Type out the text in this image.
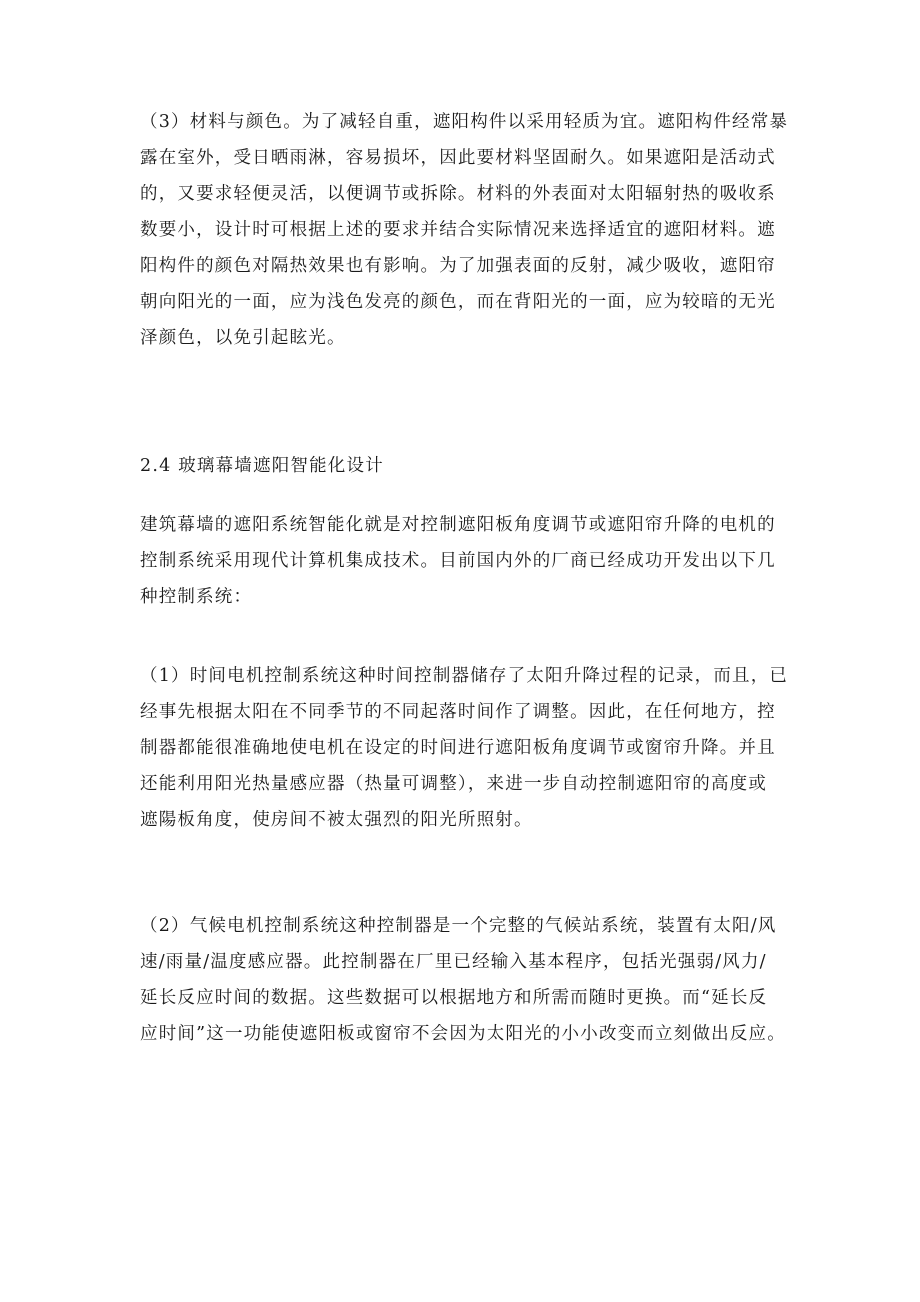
（3）材料与颜色。为了减轻自重，遮阳构件以采用轻质为宜。遮阳构件经常暴
露在室外，受日晒雨淋，容易损坏，因此要材料坚固耐久。如果遮阳是活动式
的，又要求轻便灵活，以便调节或拆除。材料的外表面对太阳辐射热的吸收系
数要小，设计时可根据上述的要求并结合实际情况来选择适宜的遮阳材料。遮
阳构件的颜色对隔热效果也有影响。为了加强表面的反射，减少吸收，遮阳帘
朝向阳光的一面，应为浅色发亮的颜色，而在背阳光的一面，应为较暗的无光
泽颜色，以免引起眩光。

2.4 玻璃幕墙遮阳智能化设计

建筑幕墙的遮阳系统智能化就是对控制遮阳板角度调节或遮阳帘升降的电机的
控制系统采用现代计算机集成技术。目前国内外的厂商已经成功开发出以下几
种控制系统：

（1）时间电机控制系统这种时间控制器储存了太阳升降过程的记录，而且，已
经事先根据太阳在不同季节的不同起落时间作了调整。因此，在任何地方，控
制器都能很准确地使电机在设定的时间进行遮阳板角度调节或窗帘升降。并且
还能利用阳光热量感应器（热量可调整），来进一步自动控制遮阳帘的高度或
遮陽板角度，使房间不被太强烈的阳光所照射。

（2）气候电机控制系统这种控制器是一个完整的气候站系统，装置有太阳/风
速/雨量/温度感应器。此控制器在厂里已经输入基本程序，包括光强弱/风力/
延长反应时间的数据。这些数据可以根据地方和所需而随时更换。而“延长反
应时间”这一功能使遮阳板或窗帘不会因为太阳光的小小改变而立刻做出反应。
